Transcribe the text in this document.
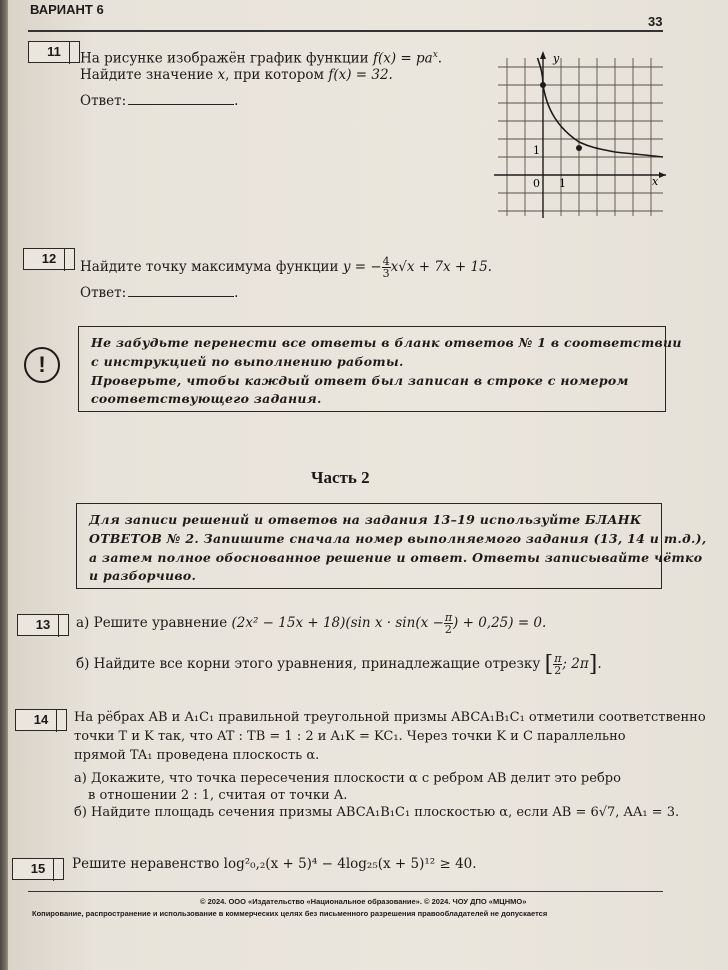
ВАРИАНТ 6
33
11	На рисунке изображён график функции $f(x) = pa^x$.
Найдите значение x, при котором f(x) = 32.
Ответ:	.
y
x
0 1
1
12
Найдите точку максимума функции y = − $\frac{4}{3} x√x + 7x + 15$.
Ответ:	.
!
Не забудьте перенести все ответы в бланк ответов № 1 в соответствии
с инструкцией по выполнению работы.
Проверьте, чтобы каждый ответ был записан в строке с номером
соответствующего задания.
Часть 2
Для записи решений и ответов на задания 13–19 используйте БЛАНК
ОТВЕТОВ № 2. Запишите сначала номер выполняемого задания (13, 14 и т.д.),
а затем полное обоснованное решение и ответ. Ответы записывайте чётко
и разборчиво.
13	а) Решите уравнение (2x² − 15x + 18)(sin $x \cdot \sin(x - \frac{\pi}{2}$ ) + 0,25) = 0.
б) Найдите все корни этого уравнения, принадлежащие отрезку [ $\frac{\pi}{2}$ ; 2π].
14	На рёбрах AB и A₁C₁ правильной треугольной призмы ABCA₁B₁C₁ отметили соответственно
точки T и K так, что AT : TB = 1 : 2 и A₁K = KC₁. Через точки K и C параллельно
прямой TA₁ проведена плоскость α.
а) Докажите, что точка пересечения плоскости α с ребром AB делит это ребро
в отношении 2 : 1, считая от точки A.
б) Найдите площадь сечения призмы ABCA₁B₁C₁ плоскостью α, если AB = 6√7, AA₁ = 3.
15	Решите неравенство log²₀,₂(x + 5)⁴ − 4log₂₅(x + 5)¹² ≥ 40.
© 2024. ООО «Издательство «Национальное образование». © 2024. ЧОУ ДПО «МЦНМО»
Копирование, распространение и использование в коммерческих целях без письменного разрешения правообладателей не допускается
